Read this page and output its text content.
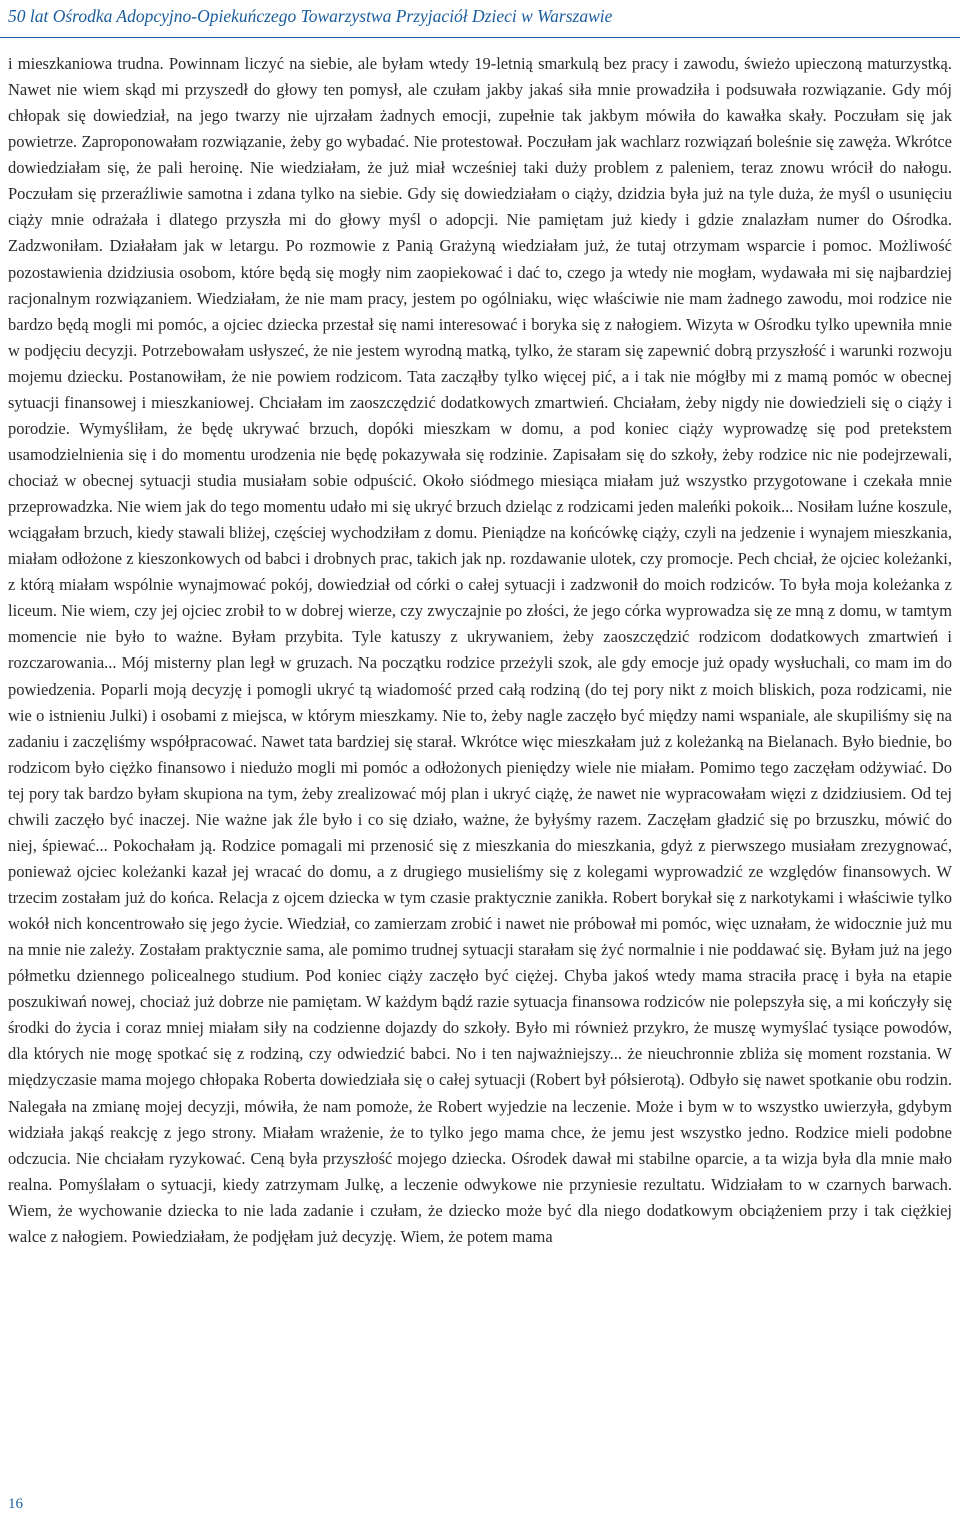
50 lat Ośrodka Adopcyjno-Opiekuńczego Towarzystwa Przyjaciół Dzieci w Warszawie

i mieszkaniowa trudna. Powinnam liczyć na siebie, ale byłam wtedy 19-letnią smarkulą bez pracy i zawodu, świeżo upieczoną maturzystką. Nawet nie wiem skąd mi przyszedł do głowy ten pomysł, ale czułam jakby jakaś siła mnie prowadziła i podsuwała rozwiązanie. Gdy mój chłopak się dowiedział, na jego twarzy nie ujrzałam żadnych emocji, zupełnie tak jakbym mówiła do kawałka skały. Poczułam się jak powietrze. Zaproponowałam rozwiązanie, żeby go wybadać. Nie protestował. Poczułam jak wachlarz rozwiązań boleśnie się zawęża. Wkrótce dowiedziałam się, że pali heroinę. Nie wiedziałam, że już miał wcześniej taki duży problem z paleniem, teraz znowu wrócił do nałogu. Poczułam się przeraźliwie samotna i zdana tylko na siebie. Gdy się dowiedziałam o ciąży, dzidzia była już na tyle duża, że myśl o usunięciu ciąży mnie odrażała i dlatego przyszła mi do głowy myśl o adopcji. Nie pamiętam już kiedy i gdzie znalazłam numer do Ośrodka. Zadzwoniłam. Działałam jak w letargu. Po rozmowie z Panią Grażyną wiedziałam już, że tutaj otrzymam wsparcie i pomoc. Możliwość pozostawienia dzidziusia osobom, które będą się mogły nim zaopiekować i dać to, czego ja wtedy nie mogłam, wydawała mi się najbardziej racjonalnym rozwiązaniem. Wiedziałam, że nie mam pracy, jestem po ogólniaku, więc właściwie nie mam żadnego zawodu, moi rodzice nie bardzo będą mogli mi pomóc, a ojciec dziecka przestał się nami interesować i boryka się z nałogiem. Wizyta w Ośrodku tylko upewniła mnie w podjęciu decyzji. Potrzebowałam usłyszeć, że nie jestem wyrodną matką, tylko, że staram się zapewnić dobrą przyszłość i warunki rozwoju mojemu dziecku. Postanowiłam, że nie powiem rodzicom. Tata zacząłby tylko więcej pić, a i tak nie mógłby mi z mamą pomóc w obecnej sytuacji finansowej i mieszkaniowej. Chciałam im zaoszczędzić dodatkowych zmartwień. Chciałam, żeby nigdy nie dowiedzieli się o ciąży i porodzie. Wymyśliłam, że będę ukrywać brzuch, dopóki mieszkam w domu, a pod koniec ciąży wyprowadzę się pod pretekstem usamodzielnienia się i do momentu urodzenia nie będę pokazywała się rodzinie. Zapisałam się do szkoły, żeby rodzice nic nie podejrzewali, chociaż w obecnej sytuacji studia musiałam sobie odpuścić. Około siódmego miesiąca miałam już wszystko przygotowane i czekała mnie przeprowadzka. Nie wiem jak do tego momentu udało mi się ukryć brzuch dzieląc z rodzicami jeden maleńki pokoik... Nosiłam luźne koszule, wciągałam brzuch, kiedy stawali bliżej, częściej wychodziłam z domu. Pieniądze na końcówkę ciąży, czyli na jedzenie i wynajem mieszkania, miałam odłożone z kieszonkowych od babci i drobnych prac, takich jak np. rozdawanie ulotek, czy promocje. Pech chciał, że ojciec koleżanki, z którą miałam wspólnie wynajmować pokój, dowiedział od córki o całej sytuacji i zadzwonił do moich rodziców. To była moja koleżanka z liceum. Nie wiem, czy jej ojciec zrobił to w dobrej wierze, czy zwyczajnie po złości, że jego córka wyprowadza się ze mną z domu, w tamtym momencie nie było to ważne. Byłam przybita. Tyle katuszy z ukrywaniem, żeby zaoszczędzić rodzicom dodatkowych zmartwień i rozczarowania... Mój misterny plan legł w gruzach. Na początku rodzice przeżyli szok, ale gdy emocje już opady wysłuchali, co mam im do powiedzenia. Poparli moją decyzję i pomogli ukryć tą wiadomość przed całą rodziną (do tej pory nikt z moich bliskich, poza rodzicami, nie wie o istnieniu Julki) i osobami z miejsca, w którym mieszkamy. Nie to, żeby nagle zaczęło być między nami wspaniale, ale skupiliśmy się na zadaniu i zaczęliśmy współpracować. Nawet tata bardziej się starał. Wkrótce więc mieszkałam już z koleżanką na Bielanach. Było biednie, bo rodzicom było ciężko finansowo i niedużo mogli mi pomóc a odłożonych pieniędzy wiele nie miałam. Pomimo tego zaczęłam odżywiać. Do tej pory tak bardzo byłam skupiona na tym, żeby zrealizować mój plan i ukryć ciążę, że nawet nie wypracowałam więzi z dzidziusiem. Od tej chwili zaczęło być inaczej. Nie ważne jak źle było i co się działo, ważne, że byłyśmy razem. Zaczęłam gładzić się po brzuszku, mówić do niej, śpiewać... Pokochałam ją. Rodzice pomagali mi przenosić się z mieszkania do mieszkania, gdyż z pierwszego musiałam zrezygnować, ponieważ ojciec koleżanki kazał jej wracać do domu, a z drugiego musieliśmy się z kolegami wyprowadzić ze względów finansowych. W trzecim zostałam już do końca. Relacja z ojcem dziecka w tym czasie praktycznie zanikła. Robert borykał się z narkotykami i właściwie tylko wokół nich koncentrowało się jego życie. Wiedział, co zamierzam zrobić i nawet nie próbował mi pomóc, więc uznałam, że widocznie już mu na mnie nie zależy. Zostałam praktycznie sama, ale pomimo trudnej sytuacji starałam się żyć normalnie i nie poddawać się. Byłam już na jego półmetku dziennego policealnego studium. Pod koniec ciąży zaczęło być ciężej. Chyba jakoś wtedy mama straciła pracę i była na etapie poszukiwań nowej, chociaż już dobrze nie pamiętam. W każdym bądź razie sytuacja finansowa rodziców nie polepszyła się, a mi kończyły się środki do życia i coraz mniej miałam siły na codzienne dojazdy do szkoły. Było mi również przykro, że muszę wymyślać tysiące powodów, dla których nie mogę spotkać się z rodziną, czy odwiedzić babci. No i ten najważniejszy... że nieuchronnie zbliża się moment rozstania. W międzyczasie mama mojego chłopaka Roberta dowiedziała się o całej sytuacji (Robert był półsierotą). Odbyło się nawet spotkanie obu rodzin. Nalegała na zmianę mojej decyzji, mówiła, że nam pomoże, że Robert wyjedzie na leczenie. Może i bym w to wszystko uwierzyła, gdybym widziała jakąś reakcję z jego strony. Miałam wrażenie, że to tylko jego mama chce, że jemu jest wszystko jedno. Rodzice mieli podobne odczucia. Nie chciałam ryzykować. Ceną była przyszłość mojego dziecka. Ośrodek dawał mi stabilne oparcie, a ta wizja była dla mnie mało realna. Pomyślałam o sytuacji, kiedy zatrzymam Julkę, a leczenie odwykowe nie przyniesie rezultatu. Widziałam to w czarnych barwach. Wiem, że wychowanie dziecka to nie lada zadanie i czułam, że dziecko może być dla niego dodatkowym obciążeniem przy i tak ciężkiej walce z nałogiem. Powiedziałam, że podjęłam już decyzję. Wiem, że potem mama

16
